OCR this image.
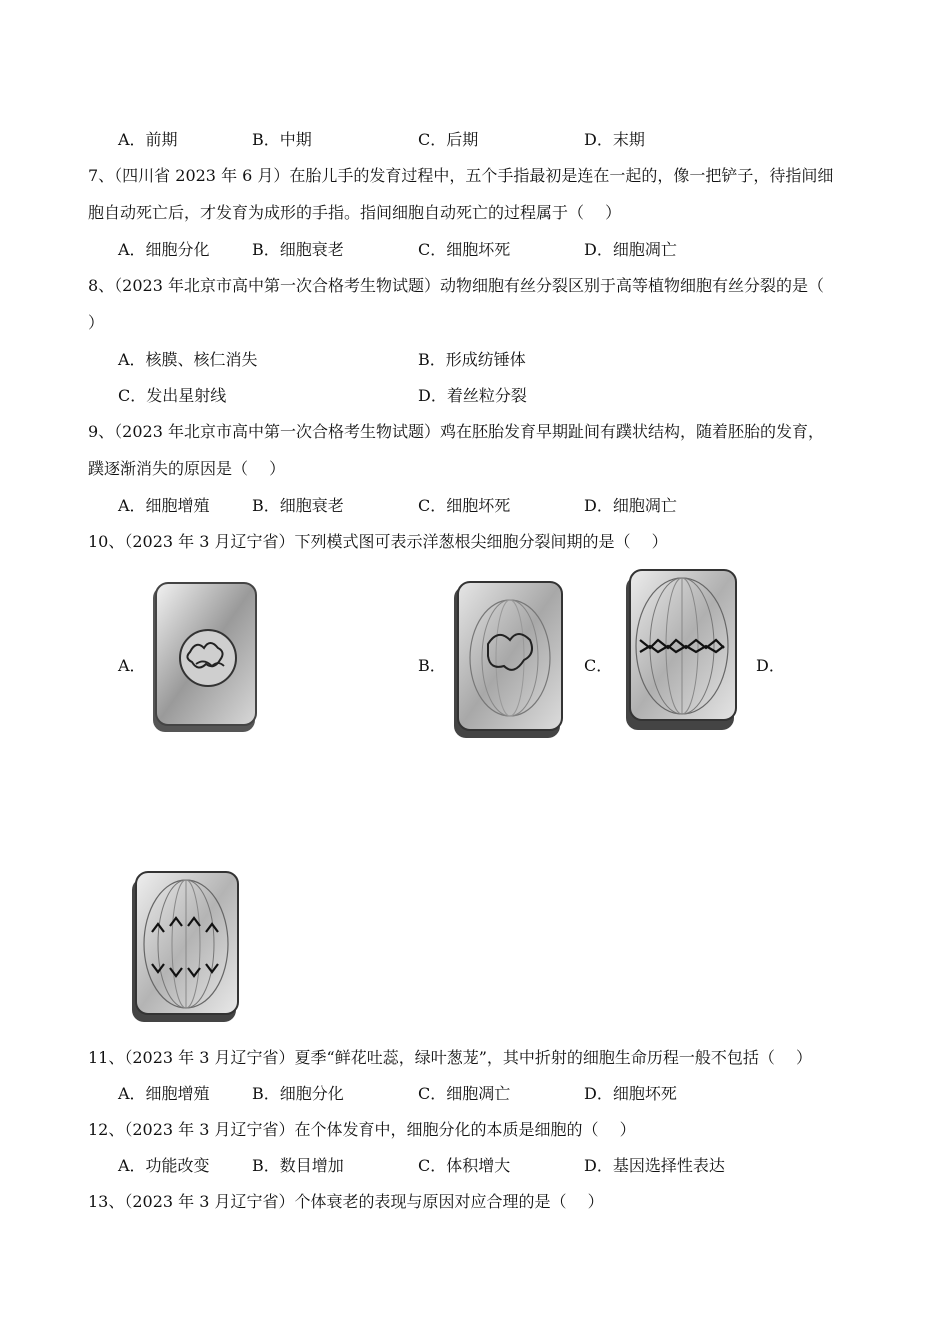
A．前期	B．中期	C．后期	D．末期
7、（四川省 2023 年 6 月）在胎儿手的发育过程中，五个手指最初是连在一起的，像一把铲子，待指间细
胞自动死亡后，才发育为成形的手指。指间细胞自动死亡的过程属于（　 ）
A．细胞分化	B．细胞衰老	C．细胞坏死	D．细胞凋亡
8、（2023 年北京市高中第一次合格考生物试题）动物细胞有丝分裂区别于高等植物细胞有丝分裂的是（
）
A．核膜、核仁消失	B．形成纺锤体
C．发出星射线	D．着丝粒分裂
9、（2023 年北京市高中第一次合格考生物试题）鸡在胚胎发育早期趾间有蹼状结构，随着胚胎的发育，
蹼逐渐消失的原因是（　 ）
A．细胞增殖	B．细胞衰老	C．细胞坏死	D．细胞凋亡
10、（2023 年 3 月辽宁省）下列模式图可表示洋葱根尖细胞分裂间期的是（　 ）
A．	B．	C．	D．
11、（2023 年 3 月辽宁省）夏季“鲜花吐蕊，绿叶葱茏”，其中折射的细胞生命历程一般不包括（　 ）
A．细胞增殖	B．细胞分化	C．细胞凋亡	D．细胞坏死
12、（2023 年 3 月辽宁省）在个体发育中，细胞分化的本质是细胞的（　 ）
A．功能改变	B．数目增加	C．体积增大	D．基因选择性表达
13、（2023 年 3 月辽宁省）个体衰老的表现与原因对应合理的是（　 ）
